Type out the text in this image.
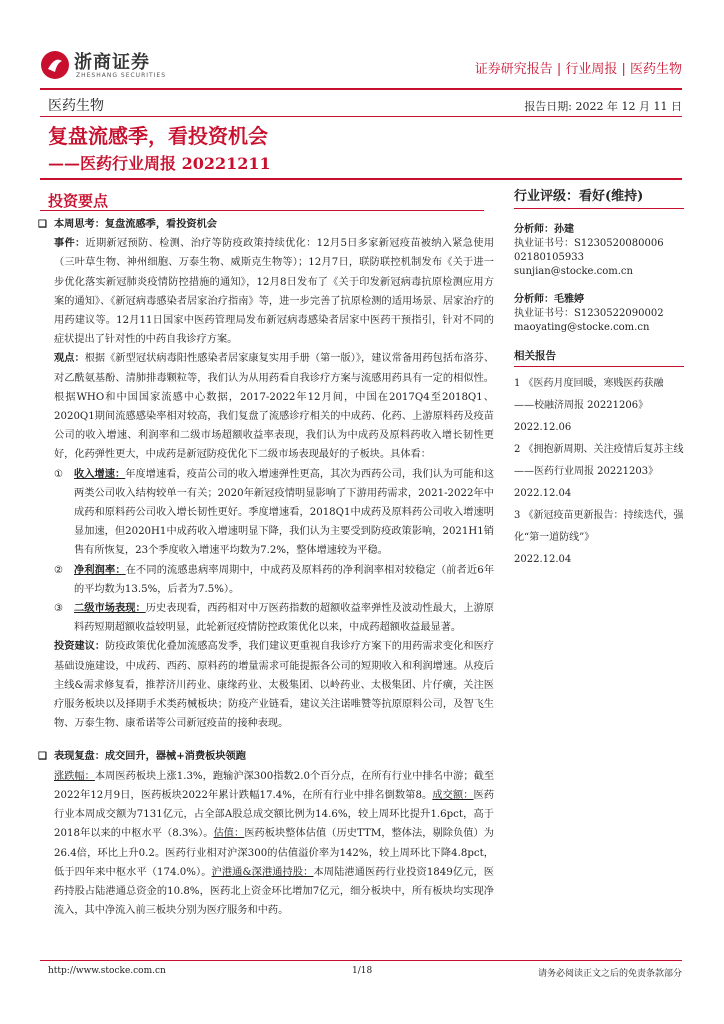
浙商证券
ZHESHANG SECURITIES	证券研究报告 | 行业周报 | 医药生物
医药生物	报告日期: 2022 年 12 月 11 日
复盘流感季，看投资机会
——医药行业周报 20221211
投资要点

❑ 本周思考：复盘流感季，看投资机会

事件：近期新冠预防、检测、治疗等防疫政策持续优化：12月5日多家新冠疫苗被纳入紧急使用（三叶草生物、神州细胞、万泰生物、威斯克生物等）；12月7日，联防联控机制发布《关于进一步优化落实新冠肺炎疫情防控措施的通知》，12月8日发布了《关于印发新冠病毒抗原检测应用方案的通知》、《新冠病毒感染者居家治疗指南》等，进一步完善了抗原检测的适用场景、居家治疗的用药建议等。12月11日国家中医药管理局发布新冠病毒感染者居家中医药干预指引，针对不同的症状提出了针对性的中药自我诊疗方案。

观点：根据《新型冠状病毒阳性感染者居家康复实用手册（第一版）》，建议常备用药包括布洛芬、对乙酰氨基酚、清肺排毒颗粒等，我们认为从用药看自我诊疗方案与流感用药具有一定的相似性。根据WHO和中国国家流感中心数据，2017-2022年12月间，中国在2017Q4至2018Q1、2020Q1期间流感感染率相对较高，我们复盘了流感诊疗相关的中成药、化药、上游原料药及疫苗公司的收入增速、利润率和二级市场超额收益率表现，我们认为中成药及原料药收入增长韧性更好，化药弹性更大，中成药是新冠防疫优化下二级市场表现最好的子板块。具体看：

① 收入增速：年度增速看，疫苗公司的收入增速弹性更高，其次为西药公司，我们认为可能和这两类公司收入结构较单一有关；2020年新冠疫情明显影响了下游用药需求，2021-2022年中成药和原料药公司收入增长韧性更好。季度增速看，2018Q1中成药及原料药公司收入增速明显加速，但2020H1中成药收入增速明显下降，我们认为主要受到防疫政策影响，2021H1销售有所恢复，23个季度收入增速平均数为7.2%，整体增速较为平稳。

② 净利润率：在不同的流感患病率周期中，中成药及原料药的净利润率相对较稳定（前者近6年的平均数为13.5%，后者为7.5%）。

③ 二级市场表现：历史表现看，西药相对中万医药指数的超额收益率弹性及波动性最大，上游原料药短期超额收益较明显，此轮新冠疫情防控政策优化以来，中成药超额收益最显著。

投资建议：防疫政策优化叠加流感高发季，我们建议更重视自我诊疗方案下的用药需求变化和医疗基础设施建设，中成药、西药、原料药的增量需求可能提振各公司的短期收入和利润增速。从疫后主线&需求修复看，推荐济川药业、康缘药业、太极集团、以岭药业、太极集团、片仔癀，关注医疗服务板块以及择期手术类药械板块；防疫产业链看，建议关注诺唯赞等抗原原料公司，及智飞生物、万泰生物、康希诺等公司新冠疫苗的接种表现。

❑ 表现复盘：成交回升，器械+消费板块领跑

涨跌幅：本周医药板块上涨1.3%，跑输沪深300指数2.0个百分点，在所有行业中排名中游；截至2022年12月9日，医药板块2022年累计跌幅17.4%，在所有行业中排名倒数第8。成交额：医药行业本周成交额为7131亿元，占全部A股总成交额比例为14.6%，较上周环比提升1.6pct，高于2018年以来的中枢水平（8.3%）。估值：医药板块整体估值（历史TTM，整体法，剔除负值）为26.4倍，环比上升0.2。医药行业相对沪深300的估值溢价率为142%，较上周环比下降4.8pct，低于四年来中枢水平（174.0%）。沪港通&深港通持股：本周陆港通医药行业投资1849亿元，医药持股占陆港通总资金的10.8%，医药北上资金环比增加7亿元，细分板块中，所有板块均实现净流入，其中净流入前三板块分别为医疗服务和中药。

行业评级：看好(维持)
分析师：孙建
执业证书号：S1230520080006
02180105933
sunjian@stocke.com.cn
分析师：毛雅婷
执业证书号：S1230522090002
maoyating@stocke.com.cn
相关报告

1 《医药月度回暖，寒贱医药获融 ——校融济周报 20221206》

2022.12.06

2 《拥抱新周期、关注疫情后复苏主线——医药行业周报 20221203》

2022.12.04

3 《新冠疫苗更新报告：持续迭代，强化“第一道防线”》

2022.12.04

http://www.stocke.com.cn	1/18	请务必阅读正文之后的免责条款部分
